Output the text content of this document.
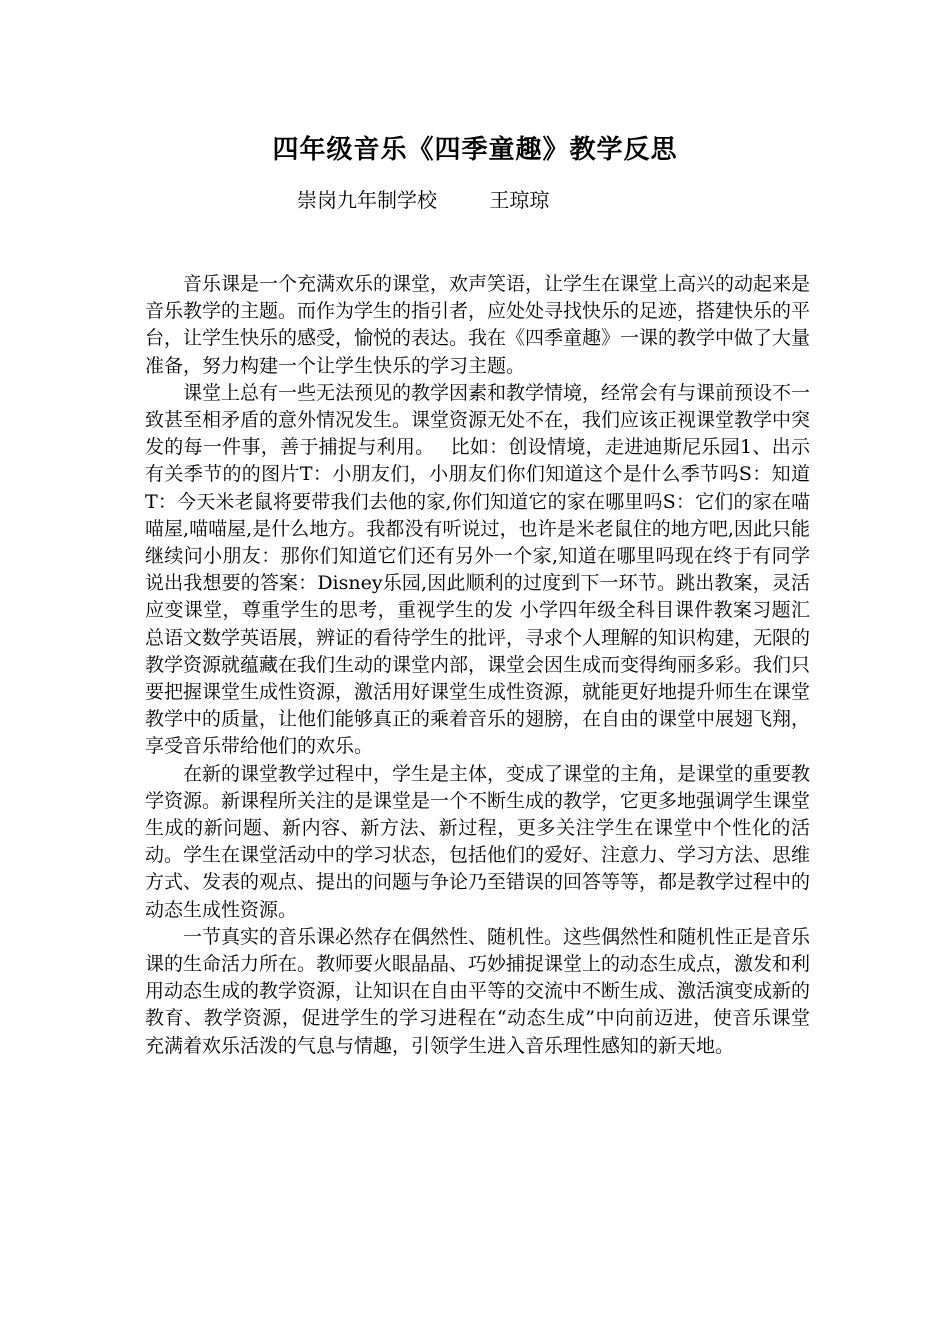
四年级音乐《四季童趣》教学反思
崇岗九年制学校	王琼琼

音乐课是一个充满欢乐的课堂，欢声笑语，让学生在课堂上高兴的动起来是音乐教学的主题。而作为学生的指引者，应处处寻找快乐的足迹，搭建快乐的平台，让学生快乐的感受，愉悦的表达。我在《四季童趣》一课的教学中做了大量准备，努力构建一个让学生快乐的学习主题。

课堂上总有一些无法预见的教学因素和教学情境，经常会有与课前预设不一致甚至相矛盾的意外情况发生。课堂资源无处不在，我们应该正视课堂教学中突发的每一件事，善于捕捉与利用。　 比如：创设情境，走进迪斯尼乐园1、出示有关季节的的图片T：小朋友们，小朋友们你们知道这个是什么季节吗S：知道T：今天米老鼠将要带我们去他的家,你们知道它的家在哪里吗S：它们的家在喵喵屋,喵喵屋,是什么地方。我都没有听说过，也许是米老鼠住的地方吧,因此只能继续问小朋友：那你们知道它们还有另外一个家,知道在哪里吗现在终于有同学说出我想要的答案：Disney乐园,因此顺利的过度到下一环节。跳出教案，灵活应变课堂，尊重学生的思考，重视学生的发 小学四年级全科目课件教案习题汇总语文数学英语展，辨证的看待学生的批评，寻求个人理解的知识构建，无限的教学资源就蕴藏在我们生动的课堂内部，课堂会因生成而变得绚丽多彩。我们只要把握课堂生成性资源，激活用好课堂生成性资源，就能更好地提升师生在课堂教学中的质量，让他们能够真正的乘着音乐的翅膀，在自由的课堂中展翅飞翔，享受音乐带给他们的欢乐。

在新的课堂教学过程中，学生是主体，变成了课堂的主角，是课堂的重要教学资源。新课程所关注的是课堂是一个不断生成的教学，它更多地强调学生课堂生成的新问题、新内容、新方法、新过程，更多关注学生在课堂中个性化的活动。学生在课堂活动中的学习状态，包括他们的爱好、注意力、学习方法、思维方式、发表的观点、提出的问题与争论乃至错误的回答等等，都是教学过程中的动态生成性资源。

一节真实的音乐课必然存在偶然性、随机性。这些偶然性和随机性正是音乐课的生命活力所在。教师要火眼晶晶、巧妙捕捉课堂上的动态生成点，激发和利用动态生成的教学资源，让知识在自由平等的交流中不断生成、激活演变成新的教育、教学资源，促进学生的学习进程在“动态生成”中向前迈进，使音乐课堂充满着欢乐活泼的气息与情趣，引领学生进入音乐理性感知的新天地。
